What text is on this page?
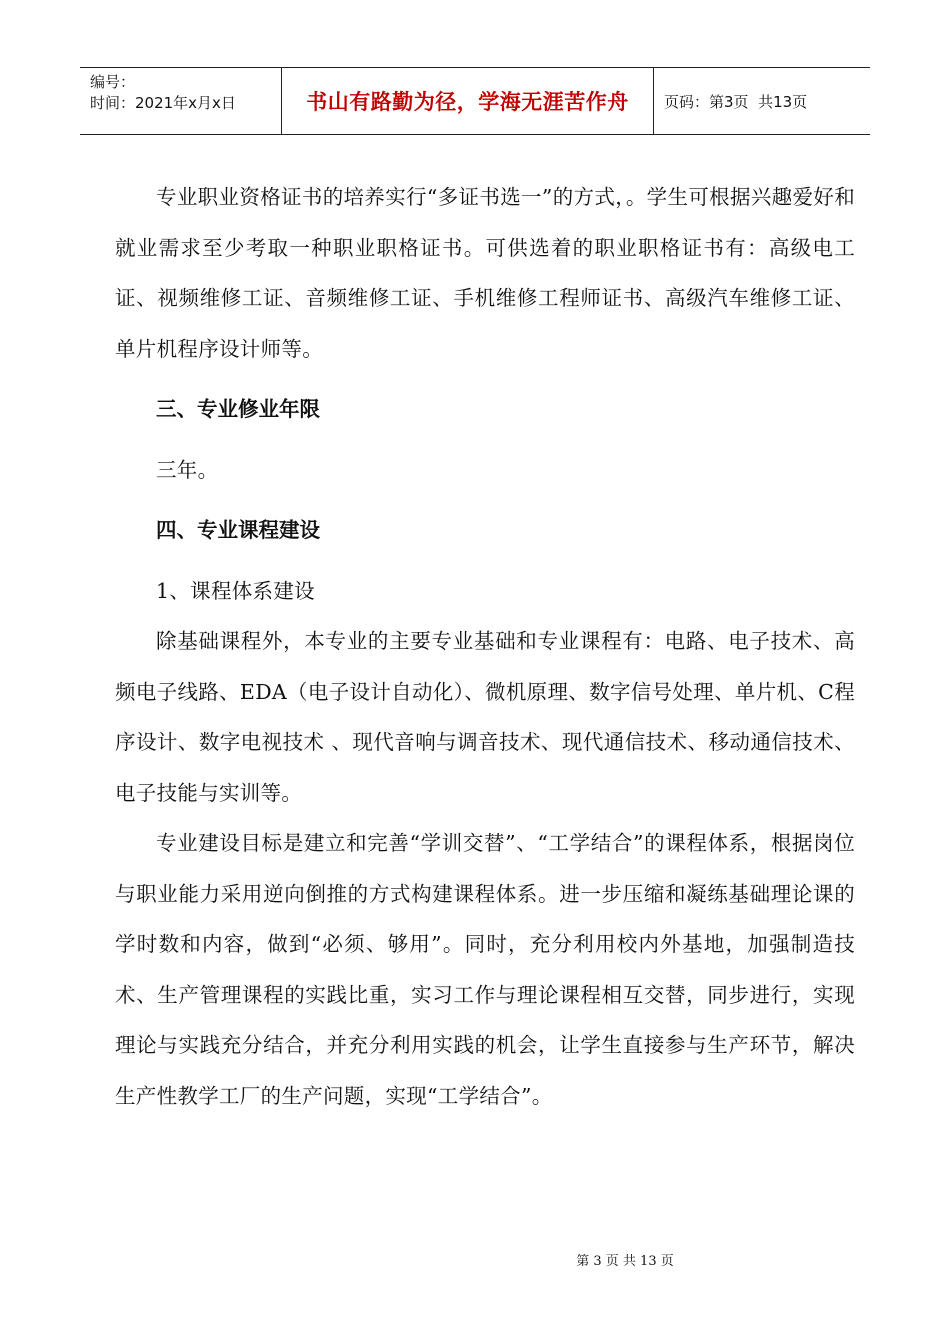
编号：
时间：2021年x月x日	书山有路勤为径，学海无涯苦作舟	页码：第3页  共13页

专业职业资格证书的培养实行“多证书选一”的方式，。学生可根据兴趣爱好和就业需求至少考取一种职业职格证书。可供选着的职业职格证书有：高级电工证、视频维修工证、音频维修工证、手机维修工程师证书、高级汽车维修工证、单片机程序设计师等。

三、专业修业年限

三年。

四、专业课程建设

1、课程体系建设

除基础课程外，本专业的主要专业基础和专业课程有：电路、电子技术、高频电子线路、EDA（电子设计自动化）、微机原理、数字信号处理、单片机、C程序设计、数字电视技术 、现代音响与调音技术、现代通信技术、移动通信技术、电子技能与实训等。

专业建设目标是建立和完善“学训交替”、“工学结合”的课程体系，根据岗位与职业能力采用逆向倒推的方式构建课程体系。进一步压缩和凝练基础理论课的学时数和内容，做到“必须、够用”。同时，充分利用校内外基地，加强制造技术、生产管理课程的实践比重，实习工作与理论课程相互交替，同步进行，实现理论与实践充分结合，并充分利用实践的机会，让学生直接参与生产环节，解决生产性教学工厂的生产问题，实现“工学结合”。

第 3 页 共 13 页
